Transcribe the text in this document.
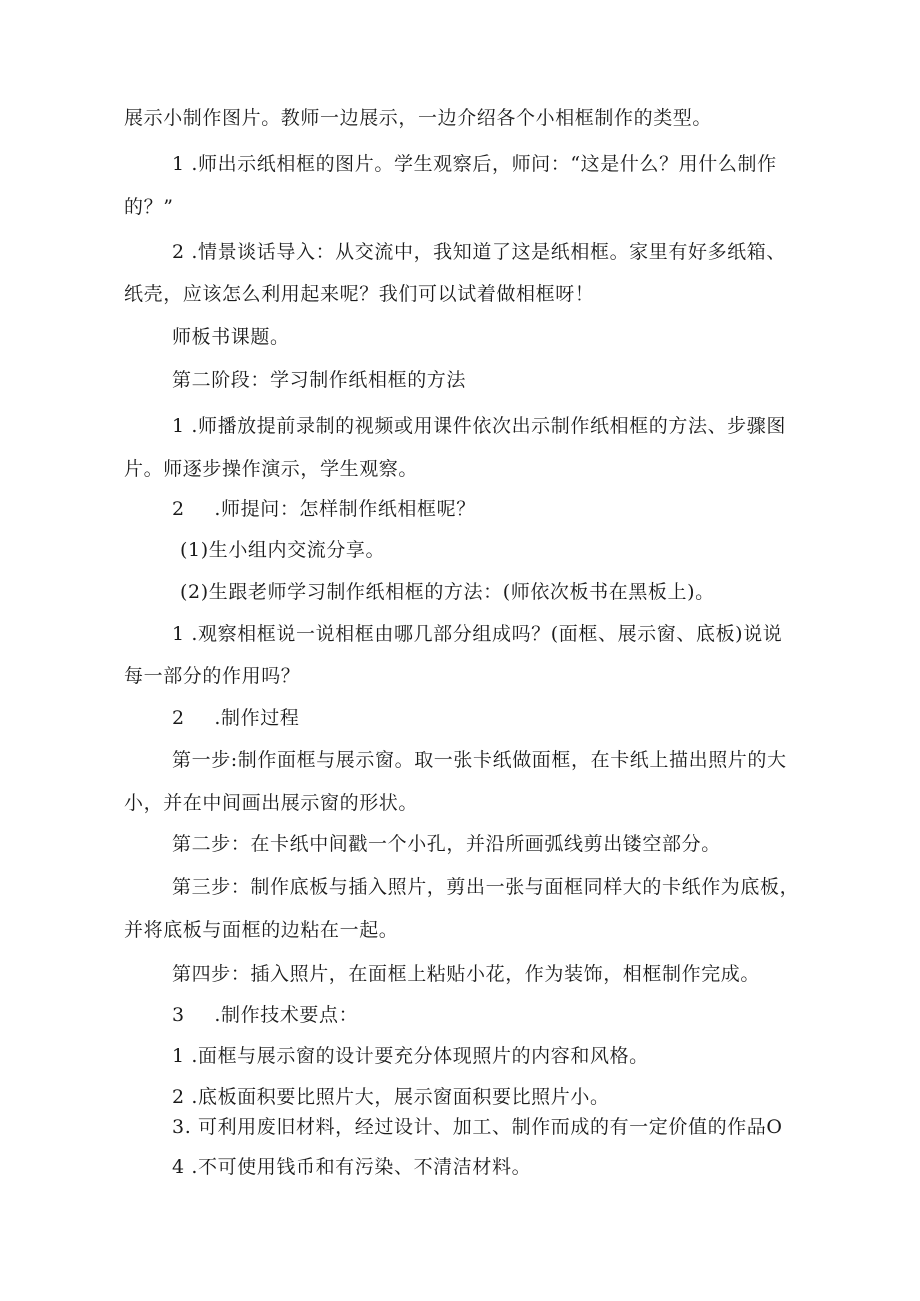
展示小制作图片。教师一边展示，一边介绍各个小相框制作的类型。
1 .师出示纸相框的图片。学生观察后，师问：“这是什么？用什么制作
的？”
2 .情景谈话导入：从交流中，我知道了这是纸相框。家里有好多纸箱、
纸壳，应该怎么利用起来呢？我们可以试着做相框呀！
师板书课题。
第二阶段：学习制作纸相框的方法
1 .师播放提前录制的视频或用课件依次出示制作纸相框的方法、步骤图
片。师逐步操作演示，学生观察。
2  .师提问：怎样制作纸相框呢？
(1)生小组内交流分享。
(2)生跟老师学习制作纸相框的方法：(师依次板书在黑板上)。
1 .观察相框说一说相框由哪几部分组成吗？(面框、展示窗、底板)说说
每一部分的作用吗？
2  .制作过程
第一步:制作面框与展示窗。取一张卡纸做面框，在卡纸上描出照片的大
小，并在中间画出展示窗的形状。
第二步：在卡纸中间戳一个小孔，并沿所画弧线剪出镂空部分。
第三步：制作底板与插入照片，剪出一张与面框同样大的卡纸作为底板，
并将底板与面框的边粘在一起。
第四步：插入照片，在面框上粘贴小花，作为装饰，相框制作完成。
3  .制作技术要点：
1 .面框与展示窗的设计要充分体现照片的内容和风格。
2 .底板面积要比照片大，展示窗面积要比照片小。
3. 可利用废旧材料，经过设计、加工、制作而成的有一定价值的作品O
4 .不可使用钱币和有污染、不清洁材料。
